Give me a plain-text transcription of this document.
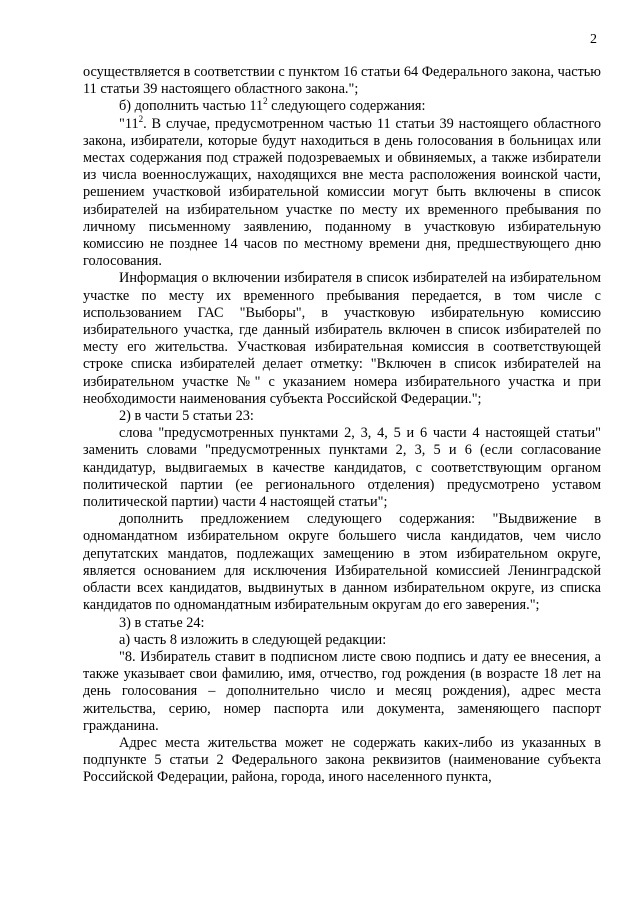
2

осуществляется в соответствии с пунктом 16 статьи 64 Федерального закона, частью 11 статьи 39 настоящего областного закона.";

б) дополнить частью $11^2$ следующего содержания:

"$11^2$. В случае, предусмотренном частью 11 статьи 39 настоящего областного закона, избиратели, которые будут находиться в день голосования в больницах или местах содержания под стражей подозреваемых и обвиняемых, а также избиратели из числа военнослужащих, находящихся вне места расположения воинской части, решением участковой избирательной комиссии могут быть включены в список избирателей на избирательном участке по месту их временного пребывания по личному письменному заявлению, поданному в участковую избирательную комиссию не позднее 14 часов по местному времени дня, предшествующего дню голосования.

Информация о включении избирателя в список избирателей на избирательном участке по месту их временного пребывания передается, в том числе с использованием ГАС "Выборы", в участковую избирательную комиссию избирательного участка, где данный избиратель включен в список избирателей по месту его жительства. Участковая избирательная комиссия в соответствующей строке списка избирателей делает отметку: "Включен в список избирателей на избирательном участке №" с указанием номера избирательного участка и при необходимости наименования субъекта Российской Федерации.";

2) в части 5 статьи 23:

слова "предусмотренных пунктами 2, 3, 4, 5 и 6 части 4 настоящей статьи" заменить словами "предусмотренных пунктами 2, 3, 5 и 6 (если согласование кандидатур, выдвигаемых в качестве кандидатов, с соответствующим органом политической партии (ее регионального отделения) предусмотрено уставом политической партии) части 4 настоящей статьи";

дополнить предложением следующего содержания: "Выдвижение в одномандатном избирательном округе большего числа кандидатов, чем число депутатских мандатов, подлежащих замещению в этом избирательном округе, является основанием для исключения Избирательной комиссией Ленинградской области всех кандидатов, выдвинутых в данном избирательном округе, из списка кандидатов по одномандатным избирательным округам до его заверения.";

3) в статье 24:

а) часть 8 изложить в следующей редакции:

"8. Избиратель ставит в подписном листе свою подпись и дату ее внесения, а также указывает свои фамилию, имя, отчество, год рождения (в возрасте 18 лет на день голосования – дополнительно число и месяц рождения), адрес места жительства, серию, номер паспорта или документа, заменяющего паспорт гражданина.

Адрес места жительства может не содержать каких-либо из указанных в подпункте 5 статьи 2 Федерального закона реквизитов (наименование субъекта Российской Федерации, района, города, иного населенного пункта,
